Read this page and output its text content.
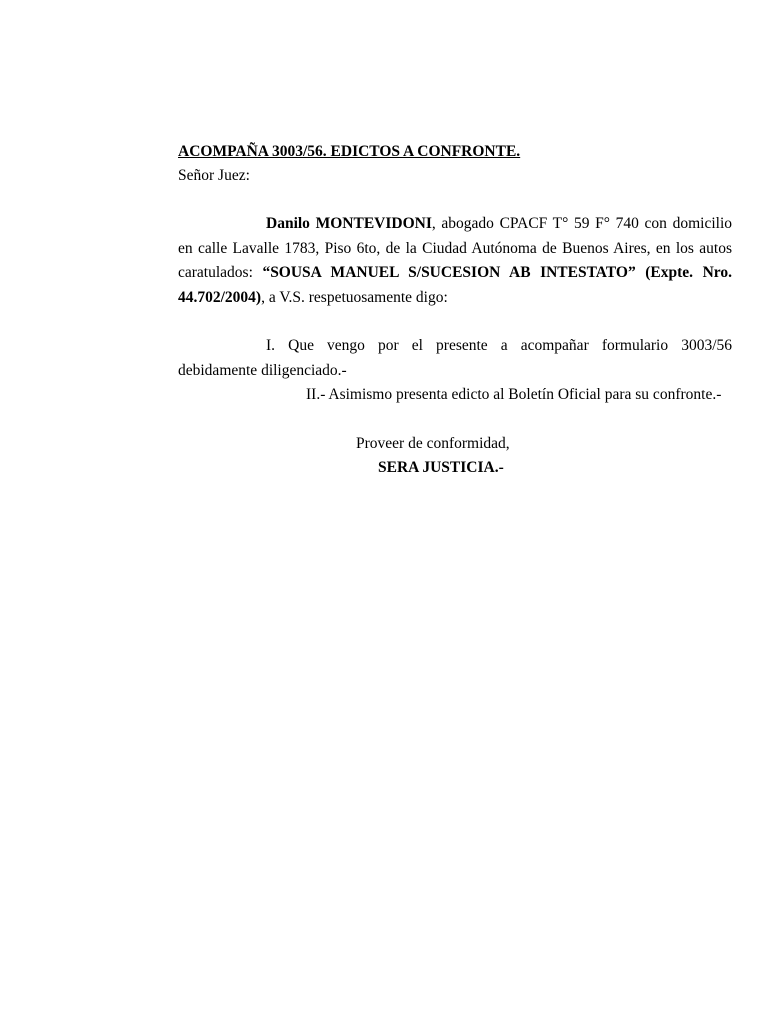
ACOMPAÑA 3003/56. EDICTOS A CONFRONTE.
Señor Juez:
Danilo MONTEVIDONI, abogado CPACF T° 59 F° 740 con domicilio en calle Lavalle 1783, Piso 6to, de la Ciudad Autónoma de Buenos Aires, en los autos caratulados: “SOUSA MANUEL S/SUCESION AB INTESTATO” (Expte. Nro. 44.702/2004), a V.S. respetuosamente digo:
I. Que vengo por el presente a acompañar formulario 3003/56 debidamente diligenciado.-
II.- Asimismo presenta edicto al Boletín Oficial para su confronte.-
Proveer de conformidad,
SERA JUSTICIA.-
